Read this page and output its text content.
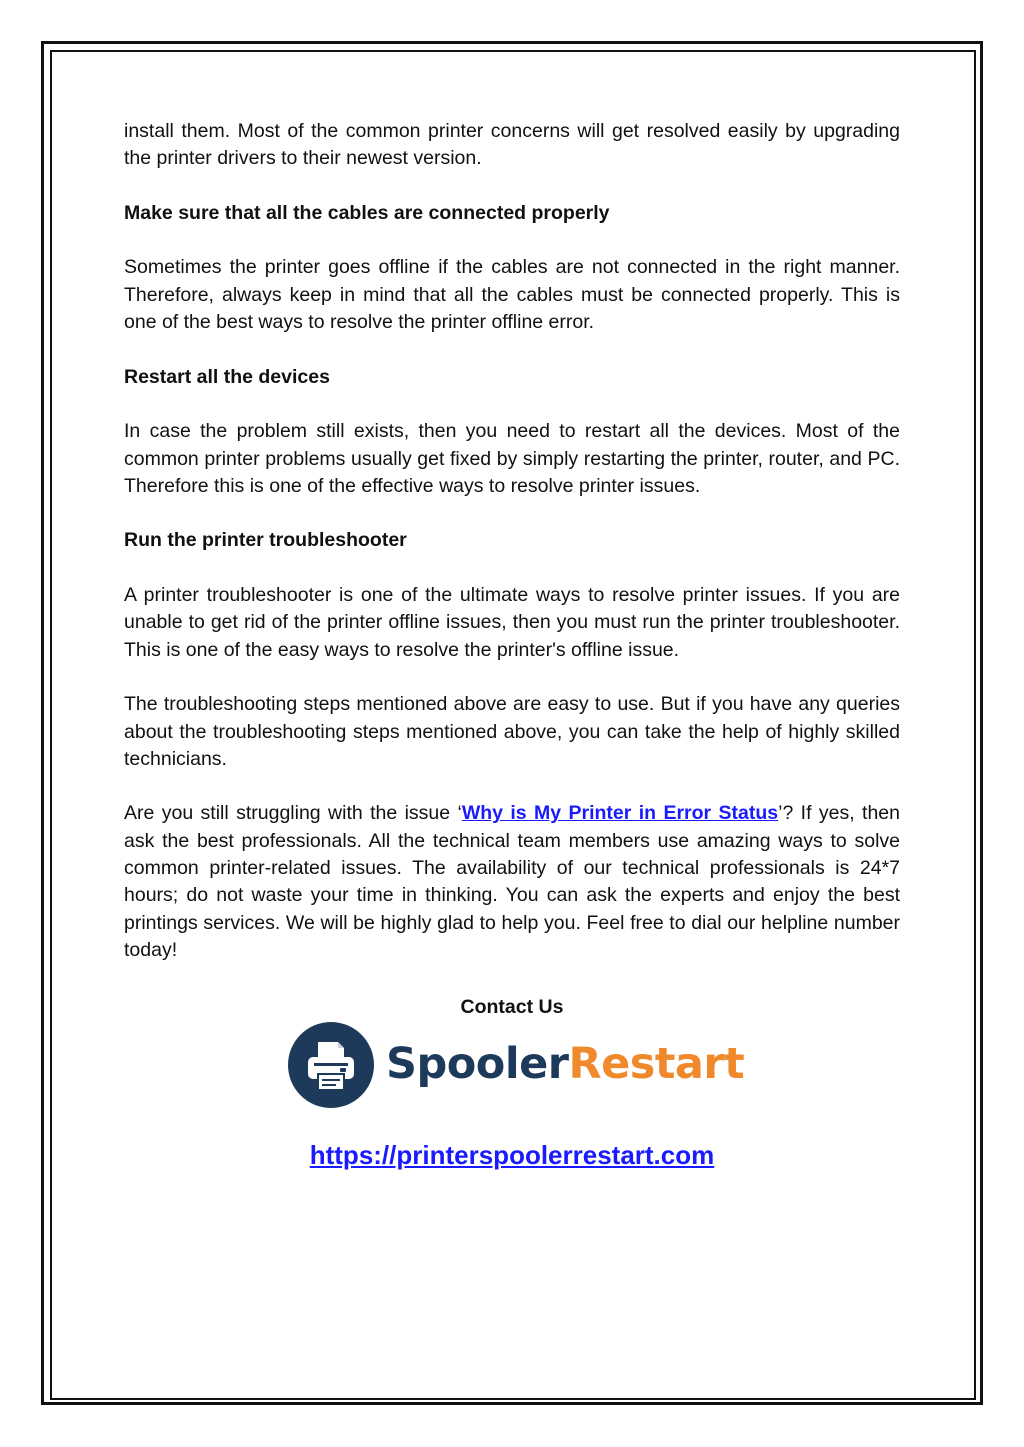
install them. Most of the common printer concerns will get resolved easily by upgrading the printer drivers to their newest version.

Make sure that all the cables are connected properly

Sometimes the printer goes offline if the cables are not connected in the right manner. Therefore, always keep in mind that all the cables must be connected properly. This is one of the best ways to resolve the printer offline error.

Restart all the devices

In case the problem still exists, then you need to restart all the devices. Most of the common printer problems usually get fixed by simply restarting the printer, router, and PC. Therefore this is one of the effective ways to resolve printer issues.

Run the printer troubleshooter

A printer troubleshooter is one of the ultimate ways to resolve printer issues. If you are unable to get rid of the printer offline issues, then you must run the printer troubleshooter. This is one of the easy ways to resolve the printer's offline issue.

The troubleshooting steps mentioned above are easy to use. But if you have any queries about the troubleshooting steps mentioned above, you can take the help of highly skilled technicians.

Are you still struggling with the issue ‘Why is My Printer in Error Status’? If yes, then ask the best professionals. All the technical team members use amazing ways to solve common printer-related issues. The availability of our technical professionals is 24*7 hours; do not waste your time in thinking. You can ask the experts and enjoy the best printings services. We will be highly glad to help you. Feel free to dial our helpline number today!

Contact Us
SpoolerRestart
https://printerspoolerrestart.com
